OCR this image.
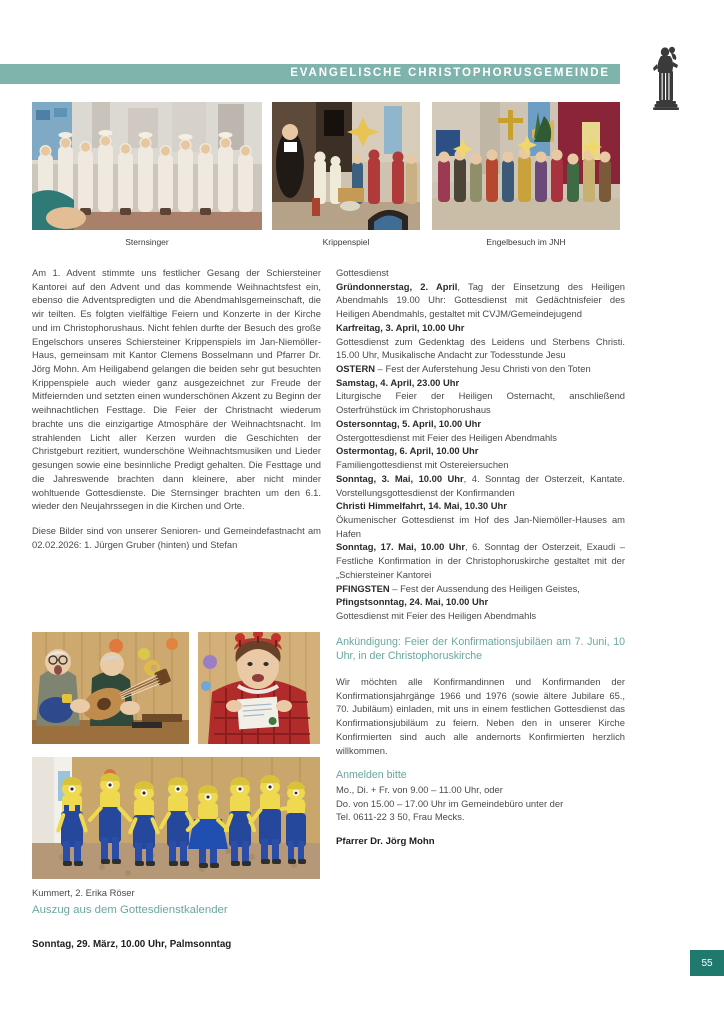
EVANGELISCHE CHRISTOPHORUSGEMEINDE
Sternsinger	Krippenspiel	Engelbesuch im JNH

Am 1. Advent stimmte uns festlicher Gesang der Schiersteiner Kantorei auf den Advent und das kommende Weihnachtsfest ein, ebenso die Adventspredigten und die Abendmahlsgemeinschaft, die wir teilten. Es folgten vielfältige Feiern und Konzerte in der Kirche und im Christophorushaus. Nicht fehlen durfte der Besuch des große Engelschors unseres Schiersteiner Krippenspiels im Jan-Niemöller-Haus, gemeinsam mit Kantor Clemens Bosselmann und Pfarrer Dr. Jörg Mohn. Am Heiligabend gelangen die beiden sehr gut besuchten Krippenspiele auch wieder ganz ausgezeichnet zur Freude der Mitfeiernden und setzten einen wunderschönen Akzent zu Beginn der weihnachtlichen Festtage. Die Feier der Christnacht wiederum brachte uns die einzigartige Atmosphäre der Weihnachtsnacht. Im strahlenden Licht aller Kerzen wurden die Geschichten der Christgeburt rezitiert, wunderschöne Weihnachtsmusiken und Lieder gesungen sowie eine besinnliche Predigt gehalten. Die Festtage und die Jahreswende brachten dann kleinere, aber nicht minder wohltuende Gottesdienste. Die Sternsinger brachten um den 6.1. wieder den Neujahrssegen in die Kirchen und Orte.

Diese Bilder sind von unserer Senioren- und Gemeindefastnacht am 02.02.2026: 1. Jürgen Gruber (hinten) und Stefan

Kummert, 2. Erika Röser

Auszug aus dem Gottesdienstkalender

Sonntag, 29. März, 10.00 Uhr, Palmsonntag

Gottesdienst

Gründonnerstag, 2. April, Tag der Einsetzung des Heiligen Abendmahls 19.00 Uhr: Gottesdienst mit Gedächtnisfeier des Heiligen Abendmahls, gestaltet mit CVJM/Gemeindejugend

Karfreitag, 3. April, 10.00 Uhr

Gottesdienst zum Gedenktag des Leidens und Sterbens Christi. 15.00 Uhr, Musikalische Andacht zur Todesstunde Jesu

OSTERN – Fest der Auferstehung Jesu Christi von den Toten

Samstag, 4. April, 23.00 Uhr

Liturgische Feier der Heiligen Osternacht, anschließend Osterfrühstück im Christophorushaus

Ostersonntag, 5. April, 10.00 Uhr

Ostergottesdienst mit Feier des Heiligen Abendmahls

Ostermontag, 6. April, 10.00 Uhr

Familiengottesdienst mit Ostereiersuchen

Sonntag, 3. Mai, 10.00 Uhr, 4. Sonntag der Osterzeit, Kantate. Vorstellungsgottesdienst der Konfirmanden

Christi Himmelfahrt, 14. Mai, 10.30 Uhr

Ökumenischer Gottesdienst im Hof des Jan-Niemöller-Hauses am Hafen

Sonntag, 17. Mai, 10.00 Uhr, 6. Sonntag der Osterzeit, Exaudi – Festliche Konfirmation in der Christophoruskirche gestaltet mit der „Schiersteiner Kantorei

PFINGSTEN – Fest der Aussendung des Heiligen Geistes,

Pfingstsonntag, 24. Mai, 10.00 Uhr

Gottesdienst mit Feier des Heiligen Abendmahls

Ankündigung: Feier der Konfirmationsjubiläen am 7. Juni, 10 Uhr, in der Christophoruskirche

Wir möchten alle Konfirmandinnen und Konfirmanden der Konfirmationsjahrgänge 1966 und 1976 (sowie ältere Jubilare 65., 70. Jubiläum) einladen, mit uns in einem festlichen Gottesdienst das Konfirmationsjubiläum zu feiern. Neben den in unserer Kirche Konfirmierten sind auch alle andernorts Konfirmierten herzlich willkommen.

Anmelden bitte

Mo., Di. + Fr. von 9.00 – 11.00 Uhr, oder

Do. von 15.00 – 17.00 Uhr im Gemeindebüro unter der

Tel. 0611-22 3 50, Frau Mecks.

Pfarrer Dr. Jörg Mohn

55
